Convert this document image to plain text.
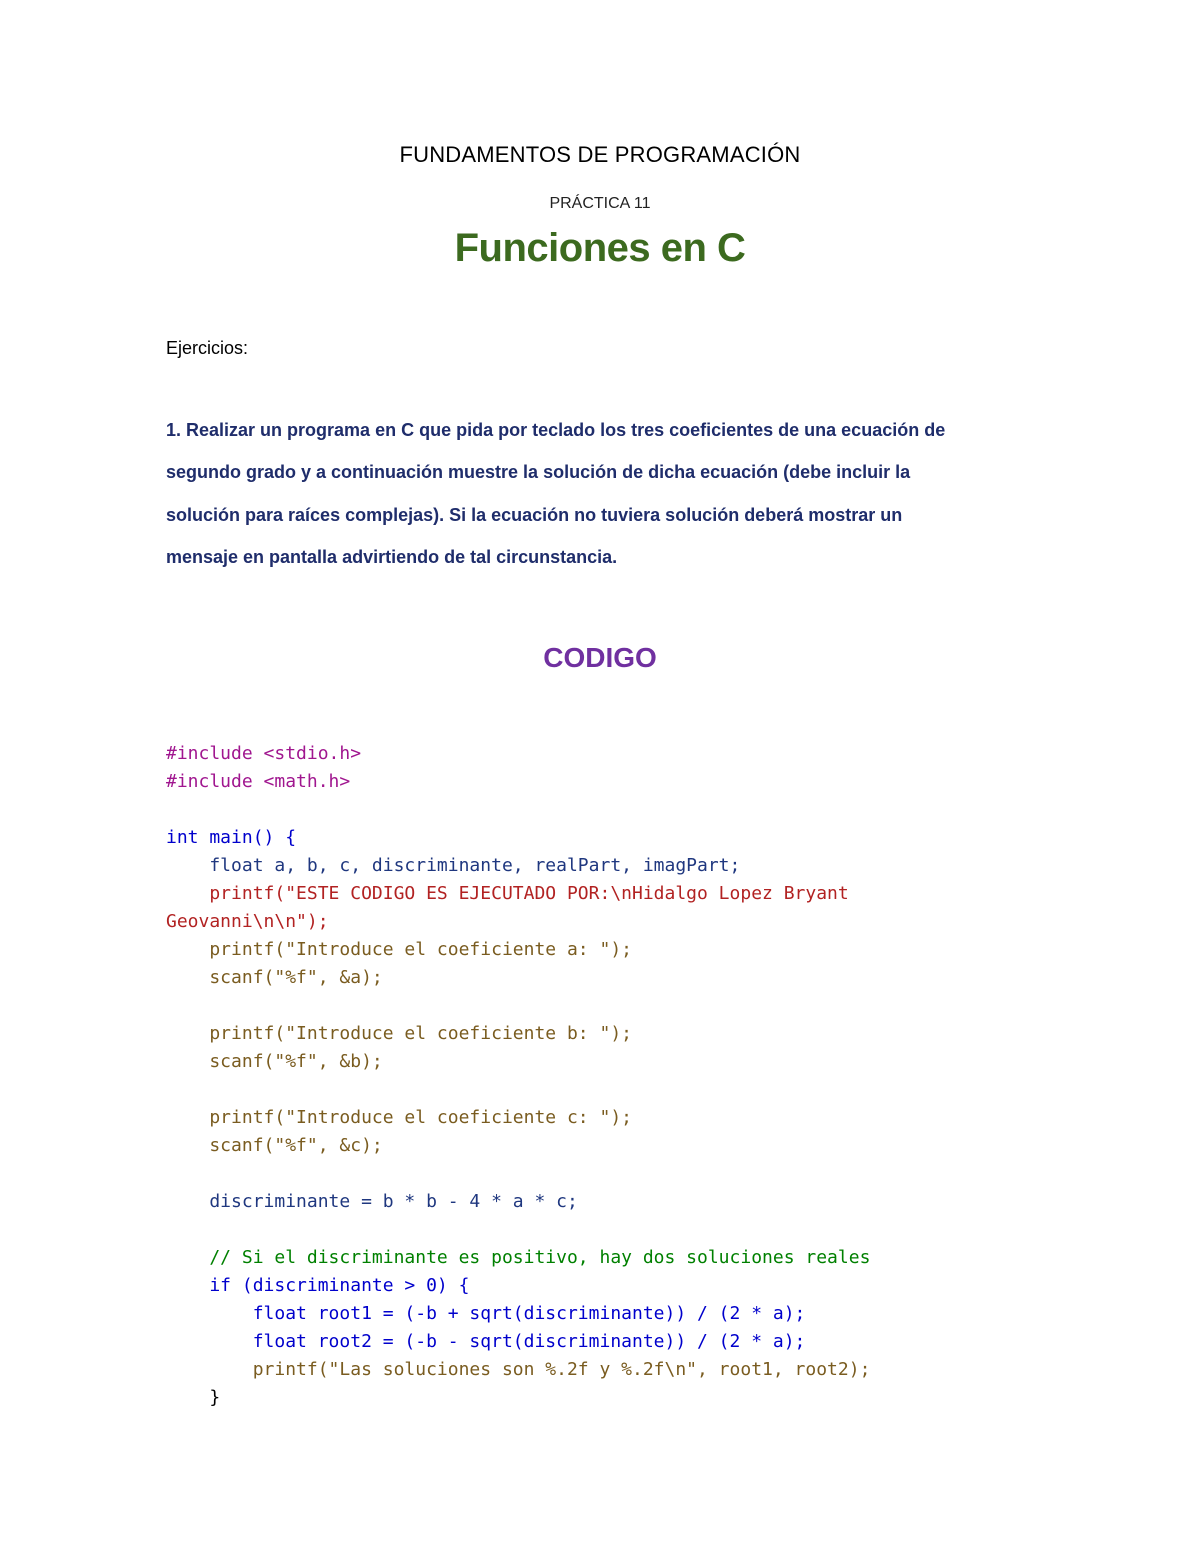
FUNDAMENTOS DE PROGRAMACIÓN
PRÁCTICA 11
Funciones en C
Ejercicios:
1. Realizar un programa en C que pida por teclado los tres coeficientes de una ecuación de
segundo grado y a continuación muestre la solución de dicha ecuación (debe incluir la
solución para raíces complejas). Si la ecuación no tuviera solución deberá mostrar un
mensaje en pantalla advirtiendo de tal circunstancia.
CODIGO
#include <stdio.h>
#include <math.h>
int main() {
float a, b, c, discriminante, realPart, imagPart;
printf("ESTE CODIGO ES EJECUTADO POR:\nHidalgo Lopez Bryant
Geovanni\n\n");
printf("Introduce el coeficiente a: ");
scanf("%f", &a);
printf("Introduce el coeficiente b: ");
scanf("%f", &b);
printf("Introduce el coeficiente c: ");
scanf("%f", &c);
discriminante = b * b - 4 * a * c;
// Si el discriminante es positivo, hay dos soluciones reales
if (discriminante > 0) {
float root1 = (-b + sqrt(discriminante)) / (2 * a);
float root2 = (-b - sqrt(discriminante)) / (2 * a);
printf("Las soluciones son %.2f y %.2f\n", root1, root2);
}
